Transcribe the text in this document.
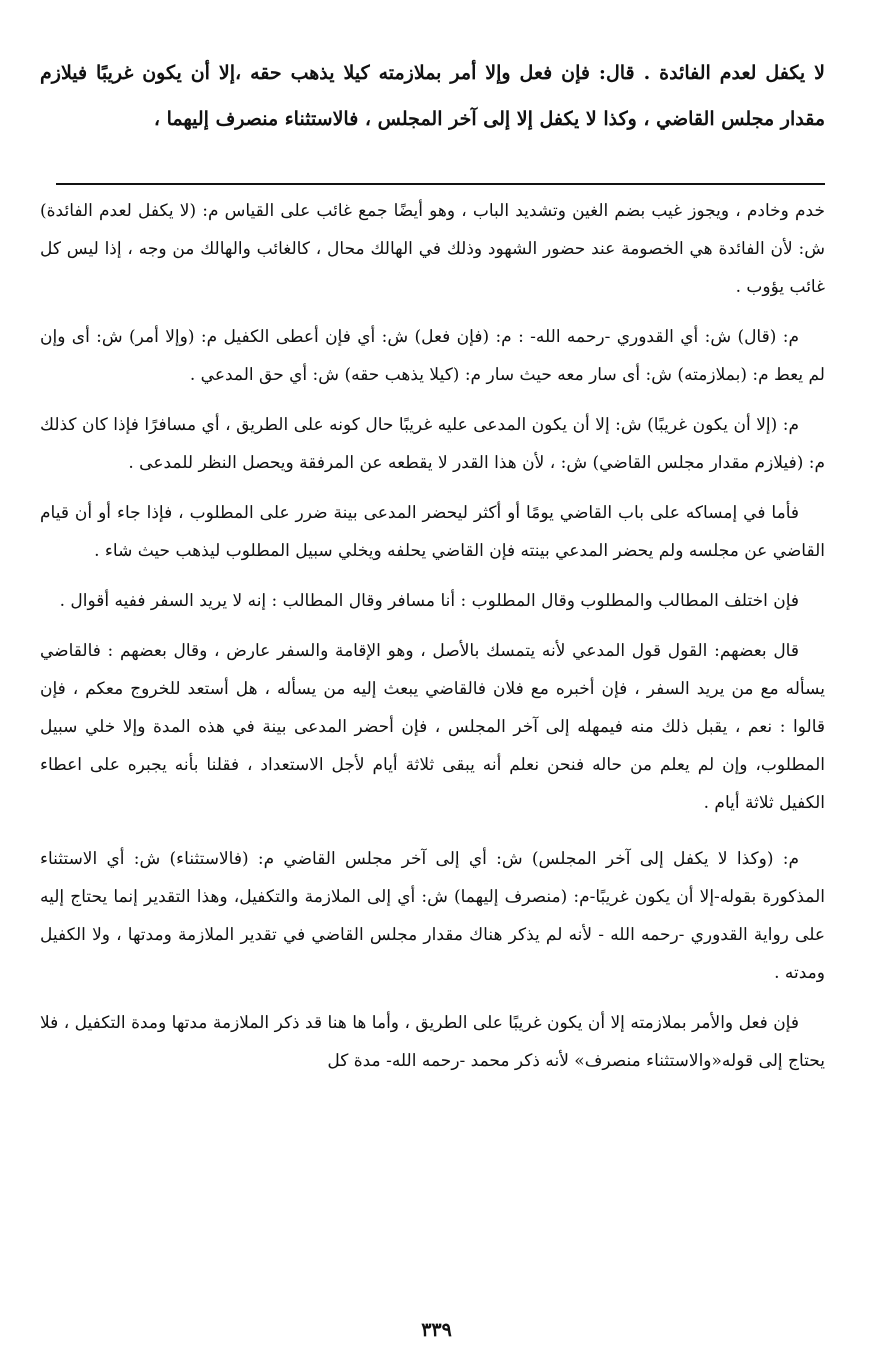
لا يكفل لعدم الفائدة . قال: فإن فعل وإلا أمر بملازمته كيلا يذهب حقه ،إلا أن يكون غريبًا فيلازم مقدار مجلس القاضي ، وكذا لا يكفل إلا إلى آخر المجلس ، فالاستثناء منصرف إليهما ،

خدم وخادم ، ويجوز غيب بضم الغين وتشديد الباب ، وهو أيضًا جمع غائب على القياس م: (لا يكفل لعدم الفائدة) ش: لأن الفائدة هي الخصومة عند حضور الشهود وذلك في الهالك محال ، كالغائب والهالك من وجه ، إذا ليس كل غائب يؤوب .

م: (قال) ش: أي القدوري -رحمه الله- : م: (فإن فعل) ش: أي فإن أعطى الكفيل م: (وإلا أمر) ش: أى وإن لم يعط م: (بملازمته) ش: أى سار معه حيث سار م: (كيلا يذهب حقه) ش: أي حق المدعي .

م: (إلا أن يكون غريبًا) ش: إلا أن يكون المدعى عليه غريبًا حال كونه على الطريق ، أي مسافرًا فإذا كان كذلك م: (فيلازم مقدار مجلس القاضي) ش: ، لأن هذا القدر لا يقطعه عن المرفقة ويحصل النظر للمدعى .

فأما في إمساكه على باب القاضي يومًا أو أكثر ليحضر المدعى بينة ضرر على المطلوب ، فإذا جاء أو أن قيام القاضي عن مجلسه ولم يحضر المدعي بينته فإن القاضي يحلفه ويخلي سبيل المطلوب ليذهب حيث شاء .

فإن اختلف المطالب والمطلوب وقال المطلوب : أنا مسافر وقال المطالب : إنه لا يريد السفر ففيه أقوال .

قال بعضهم: القول قول المدعي لأنه يتمسك بالأصل ، وهو الإقامة والسفر عارض ، وقال بعضهم : فالقاضي يسأله مع من يريد السفر ، فإن أخبره مع فلان فالقاضي يبعث إليه من يسأله ، هل أستعد للخروج معكم ، فإن قالوا : نعم ، يقبل ذلك منه فيمهله إلى آخر المجلس ، فإن أحضر المدعى بينة في هذه المدة وإلا خلي سبيل المطلوب، وإن لم يعلم من حاله فنحن نعلم أنه يبقى ثلاثة أيام لأجل الاستعداد ، فقلنا بأنه يجبره على اعطاء الكفيل ثلاثة أيام .

م: (وكذا لا يكفل إلى آخر المجلس) ش: أي إلى آخر مجلس القاضي م: (فالاستثناء) ش: أي الاستثناء المذكورة بقوله-إلا أن يكون غريبًا-م: (منصرف إليهما) ش: أي إلى الملازمة والتكفيل، وهذا التقدير إنما يحتاج إليه على رواية القدوري -رحمه الله - لأنه لم يذكر هناك مقدار مجلس القاضي في تقدير الملازمة ومدتها ، ولا الكفيل ومدته .

فإن فعل والأمر بملازمته إلا أن يكون غريبًا على الطريق ، وأما ها هنا قد ذكر الملازمة مدتها ومدة التكفيل ، فلا يحتاج إلى قوله«والاستثناء منصرف» لأنه ذكر محمد -رحمه الله- مدة كل

٣٣٩
